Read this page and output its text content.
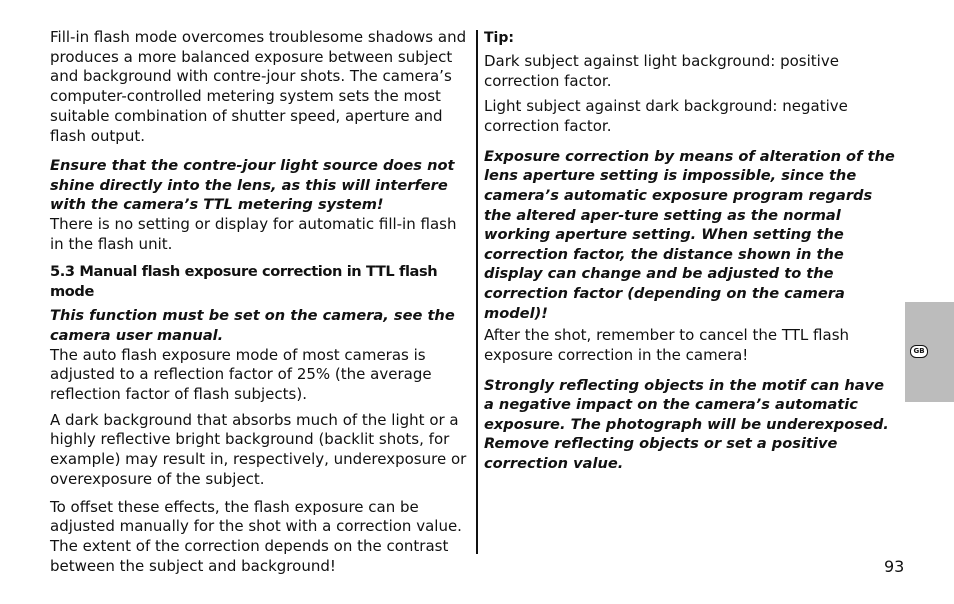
Fill-in flash mode overcomes troublesome shadows and produces a more balanced exposure between subject and background with contre-jour shots. The camera’s computer-controlled metering system sets the most suitable combination of shutter speed, aperture and flash output.

Ensure that the contre-jour light source does not shine directly into the lens, as this will interfere with the camera’s TTL metering system!

There is no setting or display for automatic fill-in flash in the flash unit.

5.3 Manual flash exposure correction in TTL flash mode

This function must be set on the camera, see the camera user manual.

The auto flash exposure mode of most cameras is adjusted to a reflection factor of 25% (the average reflection factor of flash subjects).

A dark background that absorbs much of the light or a highly reflective bright background (backlit shots, for example) may result in, respectively, underexposure or overexposure of the subject.

To offset these effects, the flash exposure can be adjusted manually for the shot with a correction value. The extent of the correction depends on the contrast between the subject and background!

Tip:

Dark subject against light background: positive correction factor.

Light subject against dark background: negative correction factor.

Exposure correction by means of alteration of the lens aperture setting is impossible, since the camera’s automatic exposure program regards the altered aper-ture setting as the normal working aperture setting. When setting the correction factor, the distance shown in the display can change and be adjusted to the correction factor (depending on the camera model)!

After the shot, remember to cancel the TTL flash exposure correction in the camera!

Strongly reflecting objects in the motif can have a negative impact on the camera’s automatic exposure. The photograph will be underexposed. Remove reflecting objects or set a positive correction value.

GB
93
